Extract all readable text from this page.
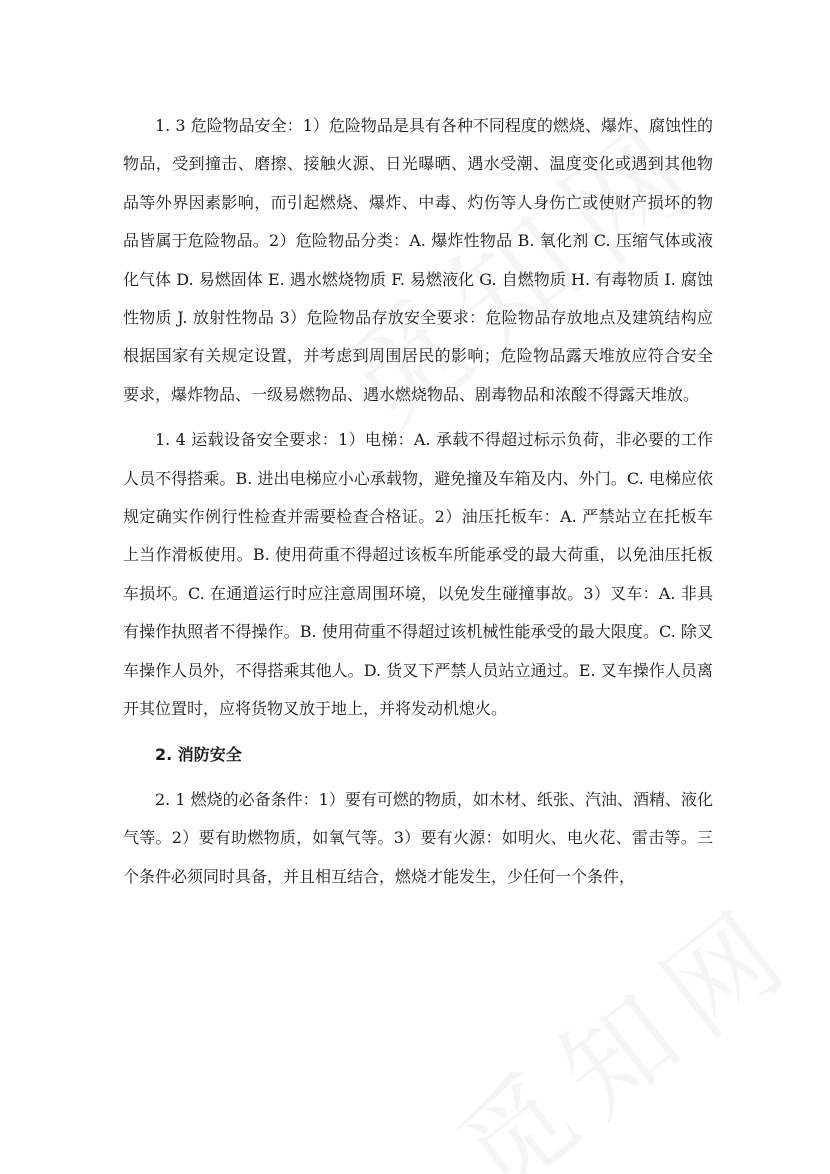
1. 3 危险物品安全：1）危险物品是具有各种不同程度的燃烧、爆炸、腐蚀性的物品，受到撞击、磨擦、接触火源、日光曝晒、遇水受潮、温度变化或遇到其他物品等外界因素影响，而引起燃烧、爆炸、中毒、灼伤等人身伤亡或使财产损坏的物品皆属于危险物品。2）危险物品分类：A. 爆炸性物品 B. 氧化剂 C. 压缩气体或液化气体 D. 易燃固体 E. 遇水燃烧物质 F. 易燃液化 G. 自燃物质 H. 有毒物质 I. 腐蚀性物质 J. 放射性物品 3）危险物品存放安全要求：危险物品存放地点及建筑结构应根据国家有关规定设置，并考虑到周围居民的影响；危险物品露天堆放应符合安全要求，爆炸物品、一级易燃物品、遇水燃烧物品、剧毒物品和浓酸不得露天堆放。

1. 4 运载设备安全要求：1）电梯：A. 承载不得超过标示负荷，非必要的工作人员不得搭乘。B. 进出电梯应小心承载物，避免撞及车箱及内、外门。C. 电梯应依规定确实作例行性检查并需要检查合格证。2）油压托板车：A. 严禁站立在托板车上当作滑板使用。B. 使用荷重不得超过该板车所能承受的最大荷重，以免油压托板车损坏。C. 在通道运行时应注意周围环境，以免发生碰撞事故。3）叉车：A. 非具有操作执照者不得操作。B. 使用荷重不得超过该机械性能承受的最大限度。C. 除叉车操作人员外，不得搭乘其他人。D. 货叉下严禁人员站立通过。E. 叉车操作人员离开其位置时，应将货物叉放于地上，并将发动机熄火。

2. 消防安全

2. 1 燃烧的必备条件：1）要有可燃的物质，如木材、纸张、汽油、酒精、液化气等。2）要有助燃物质，如氧气等。3）要有火源：如明火、电火花、雷击等。三个条件必须同时具备，并且相互结合，燃烧才能发生，少任何一个条件，
